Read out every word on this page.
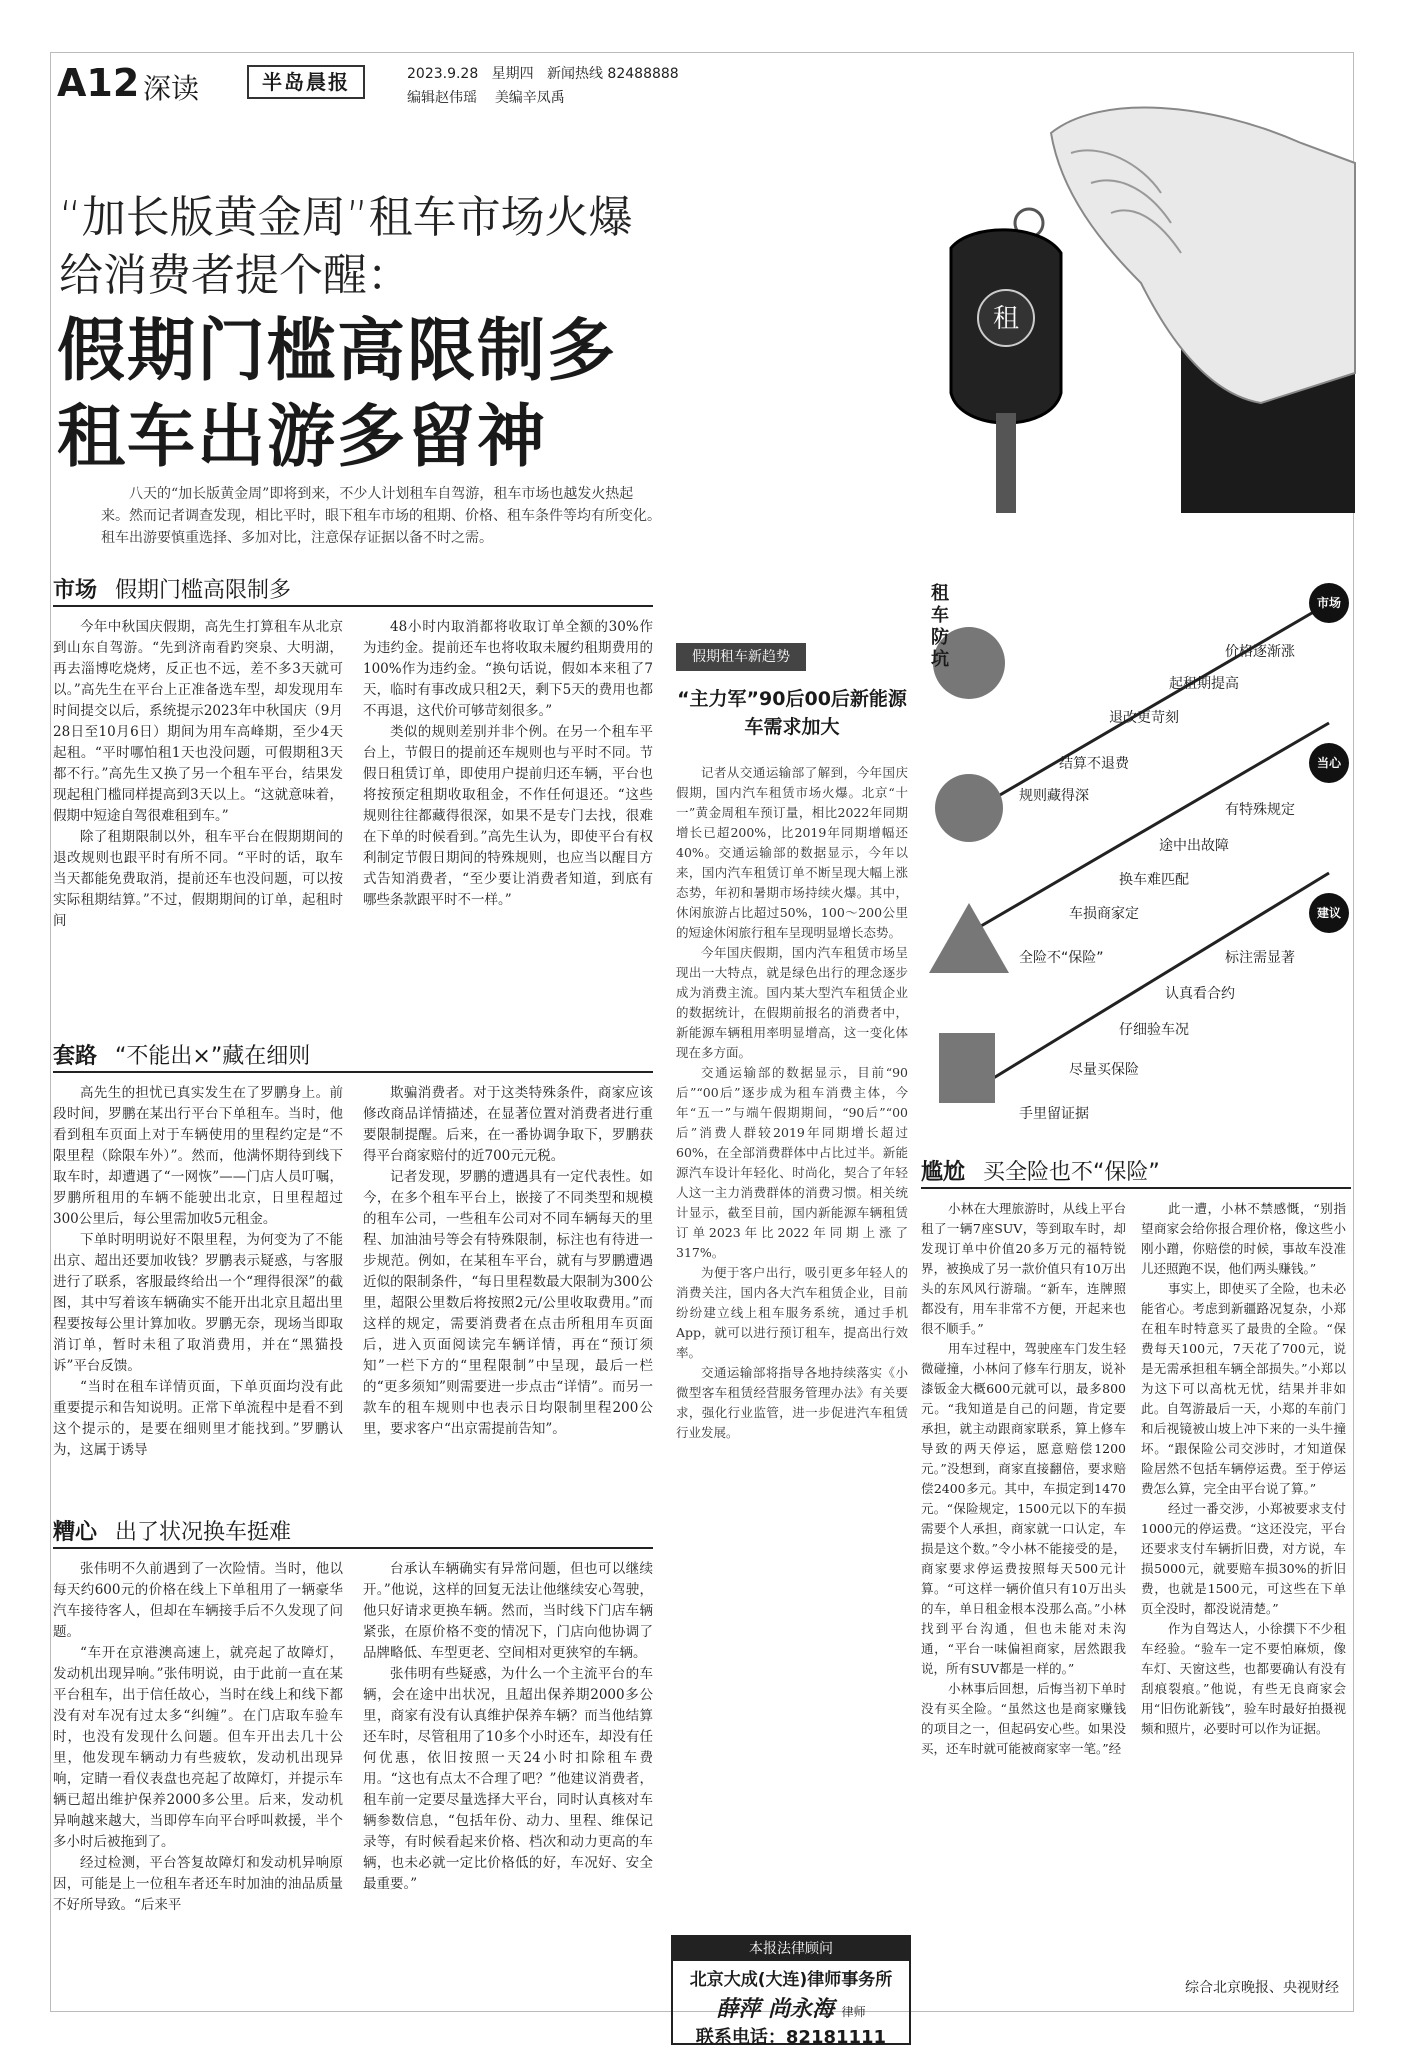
A12 深读	半岛晨报	2023.9.28 星期四 新闻热线 82488888
编辑赵伟瑶 美编辛凤禹
租
“加长版黄金周”租车市场火爆
给消费者提个醒：
假期门槛高限制多
租车出游多留神
八天的“加长版黄金周”即将到来，不少人计划租车自驾游，租车市场也越发火热起来。然而记者调查发现，相比平时，眼下租车市场的租期、价格、租车条件等均有所变化。租车出游要慎重选择、多加对比，注意保存证据以备不时之需。
市场 假期门槛高限制多

今年中秋国庆假期，高先生打算租车从北京到山东自驾游。“先到济南看趵突泉、大明湖，再去淄博吃烧烤，反正也不远，差不多3天就可以。”高先生在平台上正准备选车型，却发现用车时间提交以后，系统提示2023年中秋国庆（9月28日至10月6日）期间为用车高峰期，至少4天起租。“平时哪怕租1天也没问题，可假期租3天都不行。”高先生又换了另一个租车平台，结果发现起租门槛同样提高到3天以上。“这就意味着，假期中短途自驾很难租到车。”

除了租期限制以外，租车平台在假期期间的退改规则也跟平时有所不同。“平时的话，取车当天都能免费取消，提前还车也没问题，可以按实际租期结算。”不过，假期期间的订单，起租时间

48小时内取消都将收取订单全额的30%作为违约金。提前还车也将收取未履约租期费用的100%作为违约金。“换句话说，假如本来租了7天，临时有事改成只租2天，剩下5天的费用也都不再退，这代价可够苛刻很多。”

类似的规则差别并非个例。在另一个租车平台上，节假日的提前还车规则也与平时不同。节假日租赁订单，即使用户提前归还车辆，平台也将按预定租期收取租金，不作任何退还。“这些规则往往都藏得很深，如果不是专门去找，很难在下单的时候看到。”高先生认为，即使平台有权利制定节假日期间的特殊规则，也应当以醒目方式告知消费者，“至少要让消费者知道，到底有哪些条款跟平时不一样。”

套路 “不能出×”藏在细则

高先生的担忧已真实发生在了罗鹏身上。前段时间，罗鹏在某出行平台下单租车。当时，他看到租车页面上对于车辆使用的里程约定是“不限里程（除限车外）”。然而，他满怀期待到线下取车时，却遭遇了“一网恢”——门店人员叮嘱，罗鹏所租用的车辆不能驶出北京，日里程超过300公里后，每公里需加收5元租金。

下单时明明说好不限里程，为何变为了不能出京、超出还要加收钱？罗鹏表示疑惑，与客服进行了联系，客服最终给出一个“理得很深”的截图，其中写着该车辆确实不能开出北京且超出里程要按每公里计算加收。罗鹏无奈，现场当即取消订单，暂时未租了取消费用，并在“黑猫投诉”平台反馈。

“当时在租车详情页面，下单页面均没有此重要提示和告知说明。正常下单流程中是看不到这个提示的，是要在细则里才能找到。”罗鹏认为，这属于诱导

欺骗消费者。对于这类特殊条件，商家应该修改商品详情描述，在显著位置对消费者进行重要限制提醒。后来，在一番协调争取下，罗鹏获得平台商家赔付的近700元元税。

记者发现，罗鹏的遭遇具有一定代表性。如今，在多个租车平台上，嵌接了不同类型和规模的租车公司，一些租车公司对不同车辆每天的里程、加油油号等会有特殊限制，标注也有待进一步规范。例如，在某租车平台，就有与罗鹏遭遇近似的限制条件，“每日里程数最大限制为300公里，超限公里数后将按照2元/公里收取费用。”而这样的规定，需要消费者在点击所租用车页面后，进入页面阅读完车辆详情，再在“预订须知”一栏下方的“里程限制”中呈现，最后一栏的“更多须知”则需要进一步点击“详情”。而另一款车的租车规则中也表示日均限制里程200公里，要求客户“出京需提前告知”。

糟心 出了状况换车挺难

张伟明不久前遇到了一次险情。当时，他以每天约600元的价格在线上下单租用了一辆豪华汽车接待客人，但却在车辆接手后不久发现了问题。

“车开在京港澳高速上，就亮起了故障灯，发动机出现异响。”张伟明说，由于此前一直在某平台租车，出于信任故心，当时在线上和线下都没有对车况有过太多“纠缠”。在门店取车验车时，也没有发现什么问题。但车开出去几十公里，他发现车辆动力有些疲软，发动机出现异响，定睛一看仪表盘也亮起了故障灯，并提示车辆已超出维护保养2000多公里。后来，发动机异响越来越大，当即停车向平台呼叫救援，半个多小时后被拖到了。

经过检测，平台答复故障灯和发动机异响原因，可能是上一位租车者还车时加油的油品质量不好所导致。“后来平

台承认车辆确实有异常问题，但也可以继续开。”他说，这样的回复无法让他继续安心驾驶，他只好请求更换车辆。然而，当时线下门店车辆紧张，在原价格不变的情况下，门店向他协调了品牌略低、车型更老、空间相对更狭窄的车辆。

张伟明有些疑惑，为什么一个主流平台的车辆，会在途中出状况，且超出保养期2000多公里，商家有没有认真维护保养车辆？而当他结算还车时，尽管租用了10多个小时还车，却没有任何优惠，依旧按照一天24小时扣除租车费用。“这也有点太不合理了吧？”他建议消费者，租车前一定要尽量选择大平台，同时认真核对车辆参数信息，“包括年份、动力、里程、维保记录等，有时候看起来价格、档次和动力更高的车辆，也未必就一定比价格低的好，车况好、安全最重要。”

假期租车新趋势
“主力军”90后00后新能源车需求加大

记者从交通运输部了解到，今年国庆假期，国内汽车租赁市场火爆。北京“十一”黄金周租车预订量，相比2022年同期增长已超200%，比2019年同期增幅还40%。交通运输部的数据显示，今年以来，国内汽车租赁订单不断呈现大幅上涨态势，年初和暑期市场持续火爆。其中，休闲旅游占比超过50%，100～200公里的短途休闲旅行租车呈现明显增长态势。

今年国庆假期，国内汽车租赁市场呈现出一大特点，就是绿色出行的理念逐步成为消费主流。国内某大型汽车租赁企业的数据统计，在假期前报名的消费者中，新能源车辆租用率明显增高，这一变化体现在多方面。

交通运输部的数据显示，目前“90后”“00后”逐步成为租车消费主体，今年“五一”与端午假期期间，“90后”“00后”消费人群较2019年同期增长超过60%，在全部消费群体中占比过半。新能源汽车设计年轻化、时尚化，契合了年轻人这一主力消费群体的消费习惯。相关统计显示，截至目前，国内新能源车辆租赁订单2023年比2022年同期上涨了317%。

为便于客户出行，吸引更多年轻人的消费关注，国内各大汽车租赁企业，目前纷纷建立线上租车服务系统，通过手机App，就可以进行预订租车，提高出行效率。

交通运输部将指导各地持续落实《小微型客车租赁经营服务管理办法》有关要求，强化行业监管，进一步促进汽车租赁行业发展。

本报法律顾问
北京大成(大连)律师事务所
薛萍 尚永海 律师
联系电话：82181111
租车防坑
市场
当心
建议
价格逐渐涨
起租期提高
退改更苛刻
结算不退费
规则藏得深
有特殊规定
途中出故障
换车难匹配
车损商家定
全险不“保险”	标注需显著
认真看合约
仔细验车况
尽量买保险
手里留证据
尴尬 买全险也不“保险”

小林在大理旅游时，从线上平台租了一辆7座SUV，等到取车时，却发现订单中价值20多万元的福特锐界，被换成了另一款价值只有10万出头的东风风行游瑞。“新车，连牌照都没有，用车非常不方便，开起来也很不顺手。”

用车过程中，驾驶座车门发生轻微碰撞，小林问了修车行朋友，说补漆钣金大概600元就可以，最多800元。“我知道是自己的问题，肯定要承担，就主动跟商家联系，算上修车导致的两天停运，愿意赔偿1200元。”没想到，商家直接翻倍，要求赔偿2400多元。其中，车损定到1470元。“保险规定，1500元以下的车损需要个人承担，商家就一口认定，车损是这个数。”令小林不能接受的是，商家要求停运费按照每天500元计算。“可这样一辆价值只有10万出头的车，单日租金根本没那么高。”小林找到平台沟通，但也未能对未沟通，“平台一味偏袒商家，居然跟我说，所有SUV都是一样的。”

小林事后回想，后悔当初下单时没有买全险。“虽然这也是商家赚钱的项目之一，但起码安心些。如果没买，还车时就可能被商家宰一笔。”经

此一遭，小林不禁感慨，“别指望商家会给你报合理价格，像这些小刚小蹭，你赔偿的时候，事故车没准儿还照跑不误，他们两头赚钱。”

事实上，即使买了全险，也未必能省心。考虑到新疆路况复杂，小郑在租车时特意买了最贵的全险。“保费每天100元，7天花了700元，说是无需承担租车辆全部损失。”小郑以为这下可以高枕无忧，结果并非如此。自驾游最后一天，小郑的车前门和后视镜被山坡上冲下来的一头牛撞坏。“跟保险公司交涉时，才知道保险居然不包括车辆停运费。至于停运费怎么算，完全由平台说了算。”

经过一番交涉，小郑被要求支付1000元的停运费。“这还没完，平台还要求支付车辆折旧费，对方说，车损5000元，就要赔车损30%的折旧费，也就是1500元，可这些在下单页全没时，都没说清楚。”

作为自驾达人，小徐撰下不少租车经验。“验车一定不要怕麻烦，像车灯、天窗这些，也都要确认有没有刮痕裂痕。”他说，有些无良商家会用“旧伤讹新钱”，验车时最好拍摄视频和照片，必要时可以作为证据。

综合北京晚报、央视财经
